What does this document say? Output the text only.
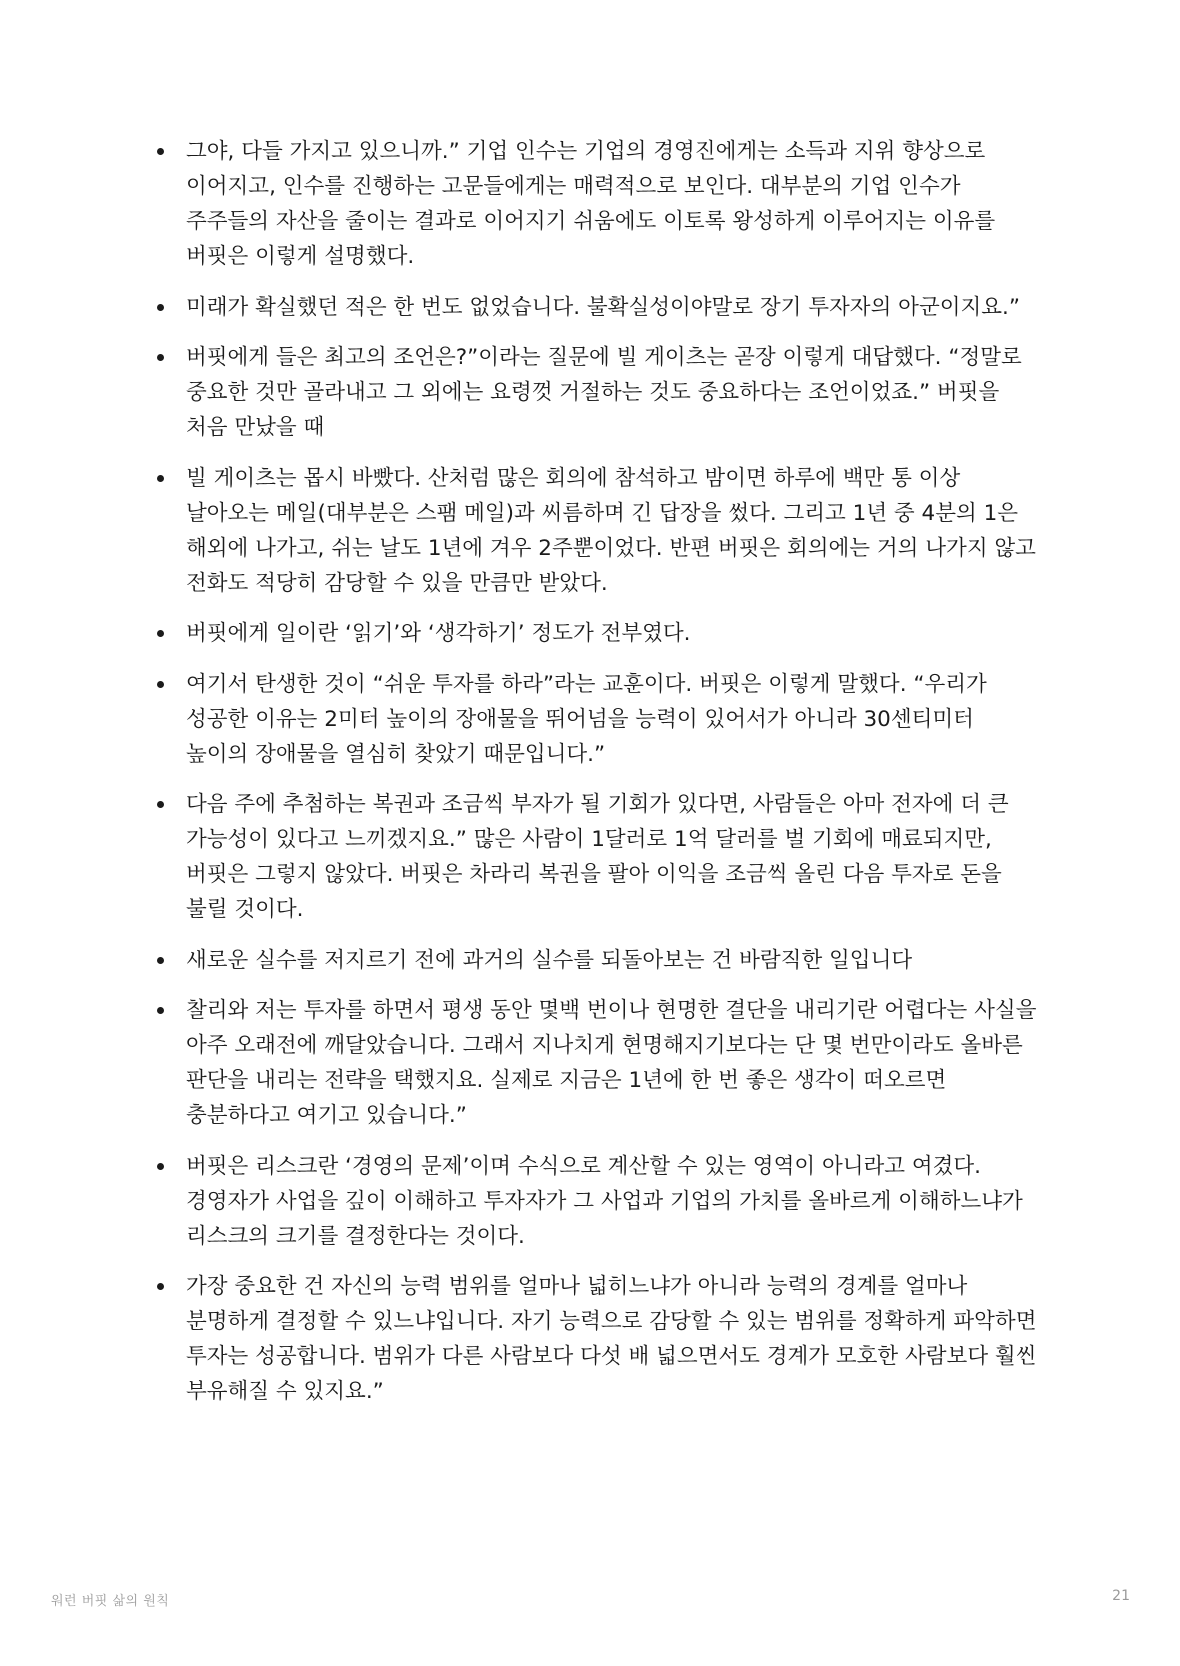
그야, 다들 가지고 있으니까.” 기업 인수는 기업의 경영진에게는 소득과 지위 향상으로 이어지고, 인수를 진행하는 고문들에게는 매력적으로 보인다. 대부분의 기업 인수가 주주들의 자산을 줄이는 결과로 이어지기 쉬움에도 이토록 왕성하게 이루어지는 이유를 버핏은 이렇게 설명했다.
미래가 확실했던 적은 한 번도 없었습니다. 불확실성이야말로 장기 투자자의 아군이지요.”
버핏에게 들은 최고의 조언은?”이라는 질문에 빌 게이츠는 곧장 이렇게 대답했다. “정말로 중요한 것만 골라내고 그 외에는 요령껏 거절하는 것도 중요하다는 조언이었죠.” 버핏을 처음 만났을 때
빌 게이츠는 몹시 바빴다. 산처럼 많은 회의에 참석하고 밤이면 하루에 백만 통 이상 날아오는 메일(대부분은 스팸 메일)과 씨름하며 긴 답장을 썼다. 그리고 1년 중 4분의 1은 해외에 나가고, 쉬는 날도 1년에 겨우 2주뿐이었다. 반편 버핏은 회의에는 거의 나가지 않고 전화도 적당히 감당할 수 있을 만큼만 받았다.
버핏에게 일이란 ‘읽기’와 ‘생각하기’ 정도가 전부였다.
여기서 탄생한 것이 “쉬운 투자를 하라”라는 교훈이다. 버핏은 이렇게 말했다. “우리가 성공한 이유는 2미터 높이의 장애물을 뛰어넘을 능력이 있어서가 아니라 30센티미터 높이의 장애물을 열심히 찾았기 때문입니다.”
다음 주에 추첨하는 복권과 조금씩 부자가 될 기회가 있다면, 사람들은 아마 전자에 더 큰 가능성이 있다고 느끼겠지요.” 많은 사람이 1달러로 1억 달러를 벌 기회에 매료되지만, 버핏은 그렇지 않았다. 버핏은 차라리 복권을 팔아 이익을 조금씩 올린 다음 투자로 돈을 불릴 것이다.
새로운 실수를 저지르기 전에 과거의 실수를 되돌아보는 건 바람직한 일입니다
찰리와 저는 투자를 하면서 평생 동안 몇백 번이나 현명한 결단을 내리기란 어렵다는 사실을 아주 오래전에 깨달았습니다. 그래서 지나치게 현명해지기보다는 단 몇 번만이라도 올바른 판단을 내리는 전략을 택했지요. 실제로 지금은 1년에 한 번 좋은 생각이 떠오르면 충분하다고 여기고 있습니다.”
버핏은 리스크란 ‘경영의 문제’이며 수식으로 계산할 수 있는 영역이 아니라고 여겼다. 경영자가 사업을 깊이 이해하고 투자자가 그 사업과 기업의 가치를 올바르게 이해하느냐가 리스크의 크기를 결정한다는 것이다.
가장 중요한 건 자신의 능력 범위를 얼마나 넓히느냐가 아니라 능력의 경계를 얼마나 분명하게 결정할 수 있느냐입니다. 자기 능력으로 감당할 수 있는 범위를 정확하게 파악하면 투자는 성공합니다. 범위가 다른 사람보다 다섯 배 넓으면서도 경계가 모호한 사람보다 훨씬 부유해질 수 있지요.”
워런 버핏 삶의 원칙	21
